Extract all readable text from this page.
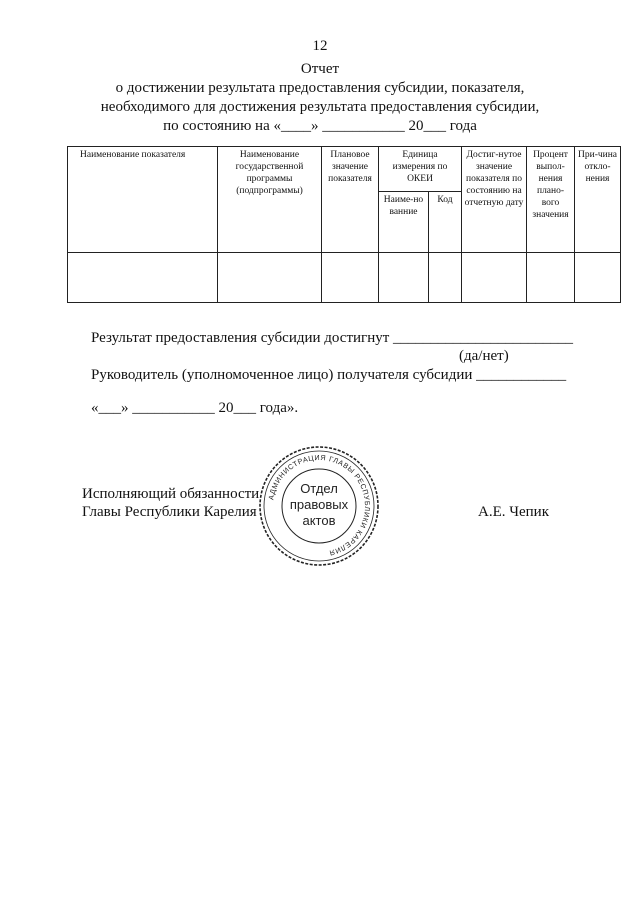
12
Отчет
о достижении результата предоставления субсидии, показателя,
необходимого для достижения результата предоставления субсидии,
по состоянию на «____» ___________ 20___ года
Наименование показателя	Наименование государственной программы (подпрограммы)	Плановое значение показателя	Единица измерения по ОКЕИ		Достиг-нутое значение показателя по состоянию на отчетную дату	Процент выпол-нения плано-вого значения	При-чина откло-нения
			Наиме-но ванние	Код			

Результат предоставления субсидии достигнут ________________________
(да/нет)
Руководитель (уполномоченное лицо) получателя субсидии ____________
«___» ___________ 20___ года».
Исполняющий обязанности
Главы Республики Карелия	А.Е. Чепик
АДМИНИСТРАЦИЯ ГЛАВЫ РЕСПУБЛИКИ КАРЕЛИЯ
Отдел
правовых
актов
